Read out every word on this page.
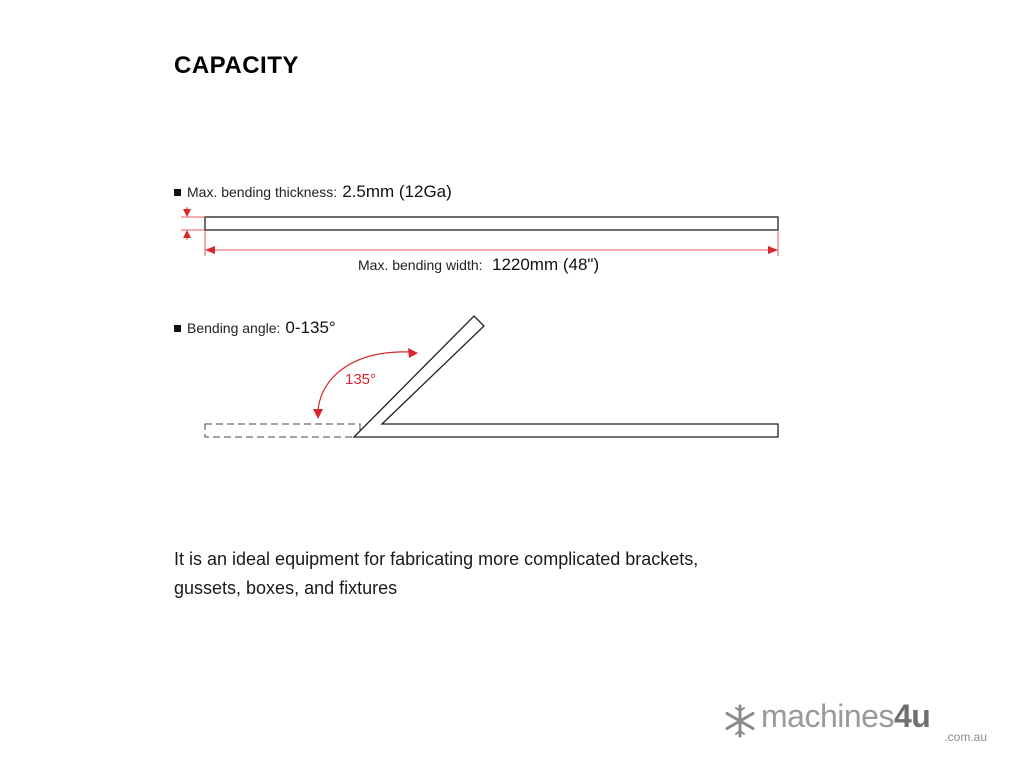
CAPACITY
Max. bending thickness: 2.5mm (12Ga)
Bending angle: 0-135°
135°
Max. bending width: 1220mm (48")

It is an ideal equipment for fabricating more complicated brackets,

gussets, boxes, and fixtures

machines4u
.com.au
